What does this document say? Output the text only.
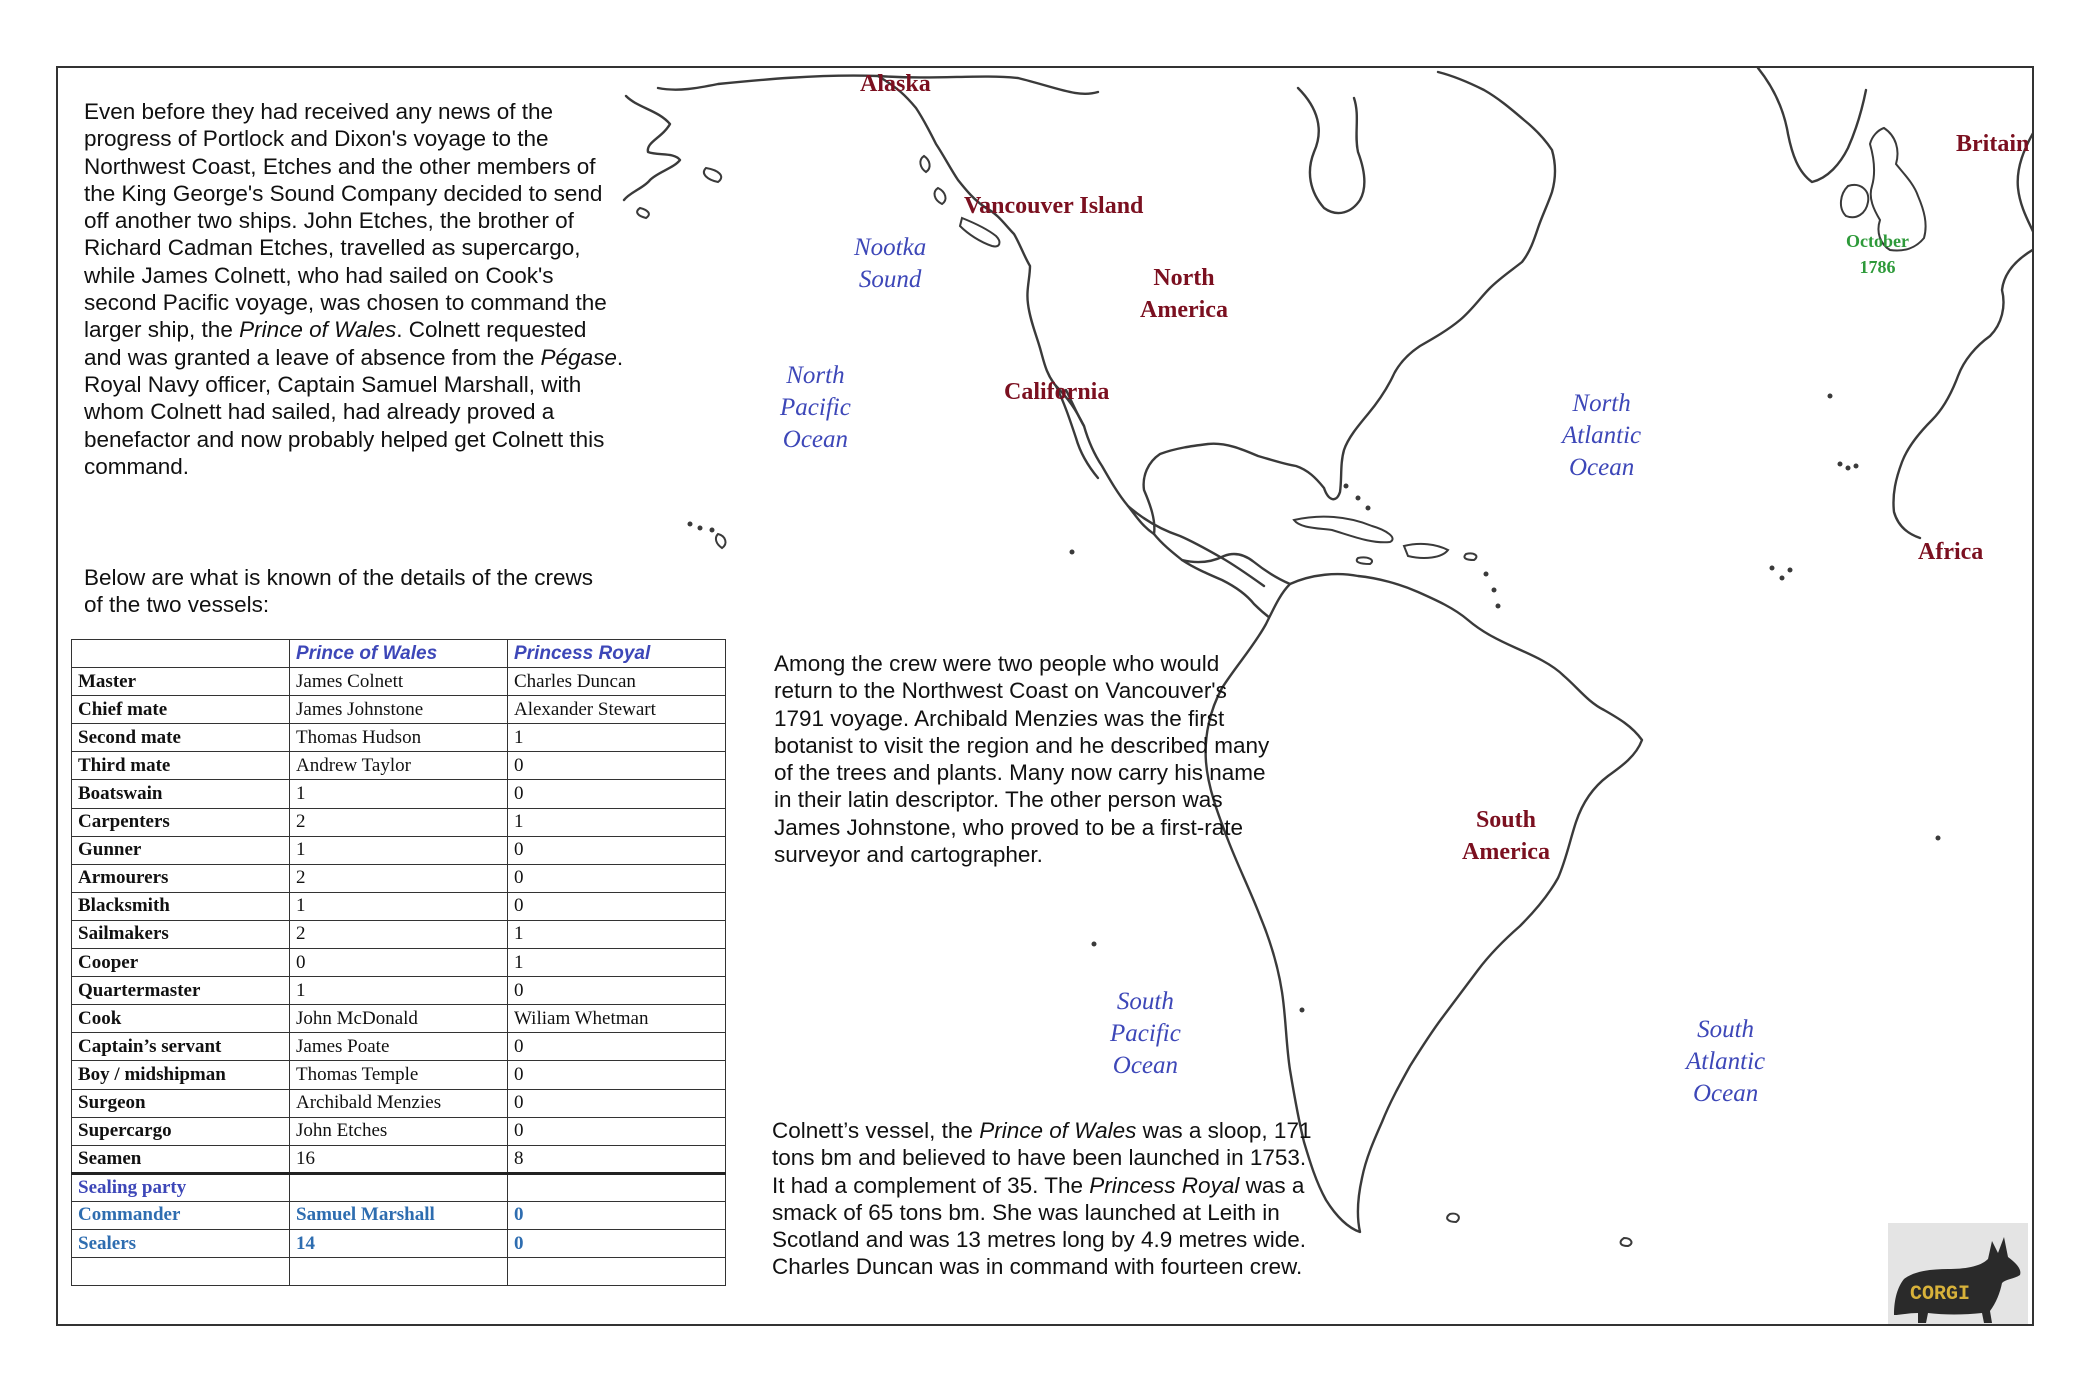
Even before they had received any news of the progress of Portlock and Dixon's voyage to the Northwest Coast, Etches and the other members of the King George's Sound Company decided to send off another two ships. John Etches, the brother of Richard Cadman Etches, travelled as supercargo, while James Colnett, who had sailed on Cook's second Pacific voyage, was chosen to command the larger ship, the Prince of Wales. Colnett requested and was granted a leave of absence from the Pégase. Royal Navy officer, Captain Samuel Marshall, with whom Colnett had sailed, had already proved a benefactor and now probably helped get Colnett this command.

Below are what is known of the details of the crews of the two vessels:

	Prince of Wales	Princess Royal
Master	James Colnett	Charles Duncan
Chief mate	James Johnstone	Alexander Stewart
Second mate	Thomas Hudson	1
Third mate	Andrew Taylor	0
Boatswain	1	0
Carpenters	2	1
Gunner	1	0
Armourers	2	0
Blacksmith	1	0
Sailmakers	2	1
Cooper	0	1
Quartermaster	1	0
Cook	John McDonald	Wiliam Whetman
Captain’s servant	James Poate	0
Boy / midshipman	Thomas Temple	0
Surgeon	Archibald Menzies	0
Supercargo	John Etches	0
Seamen	16	8
Sealing party		
Commander	Samuel Marshall	0
Sealers	14	0

Among the crew were two people who would return to the Northwest Coast on Vancouver's 1791 voyage. Archibald Menzies was the first botanist to visit the region and he described many of the trees and plants. Many now carry his name in their latin descriptor. The other person was James Johnstone, who proved to be a first-rate surveyor and cartographer.

Colnett’s vessel, the Prince of Wales was a sloop, 171 tons bm and believed to have been launched in 1753. It had a complement of 35. The Princess Royal was a smack of 65 tons bm. She was launched at Leith in Scotland and was 13 metres long by 4.9 metres wide. Charles Duncan was in command with fourteen crew.

Alaska
Vancouver Island
North
America
California
Britain
South
America
Africa
October
1786
Nootka
Sound
North
Pacific
Ocean
North
Atlantic
Ocean
South
Pacific
Ocean
South
Atlantic
Ocean
CORGI
